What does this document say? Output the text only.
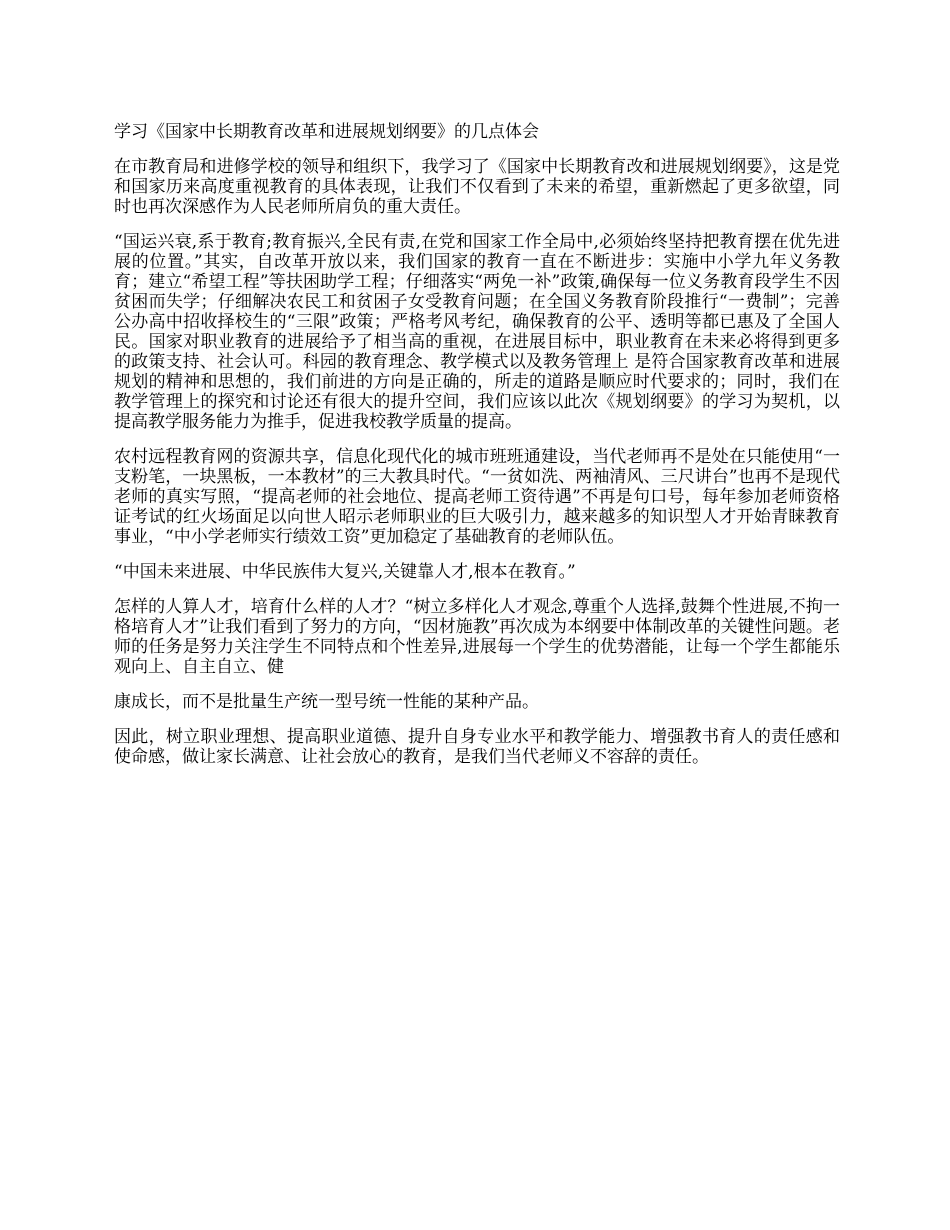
学习《国家中长期教育改革和进展规划纲要》的几点体会

在市教育局和进修学校的领导和组织下，我学习了《国家中长期教育改和进展规划纲要》，这是党和国家历来高度重视教育的具体表现，让我们不仅看到了未来的希望，重新燃起了更多欲望，同时也再次深感作为人民老师所肩负的重大责任。

“国运兴衰,系于教育;教育振兴,全民有责,在党和国家工作全局中,必须始终坚持把教育摆在优先进展的位置。”其实，自改革开放以来，我们国家的教育一直在不断进步：实施中小学九年义务教育；建立“希望工程”等扶困助学工程；仔细落实“两免一补”政策,确保每一位义务教育段学生不因贫困而失学；仔细解决农民工和贫困子女受教育问题；在全国义务教育阶段推行“一费制”；完善公办高中招收择校生的“三限”政策；严格考风考纪，确保教育的公平、透明等都已惠及了全国人民。国家对职业教育的进展给予了相当高的重视，在进展目标中，职业教育在未来必将得到更多的政策支持、社会认可。科园的教育理念、教学模式以及教务管理上 是符合国家教育改革和进展规划的精神和思想的，我们前进的方向是正确的，所走的道路是顺应时代要求的；同时，我们在教学管理上的探究和讨论还有很大的提升空间，我们应该以此次《规划纲要》的学习为契机，以提高教学服务能力为推手，促进我校教学质量的提高。

农村远程教育网的资源共享，信息化现代化的城市班班通建设，当代老师再不是处在只能使用“一支粉笔，一块黑板，一本教材”的三大教具时代。“一贫如洗、两袖清风、三尺讲台”也再不是现代老师的真实写照，“提高老师的社会地位、提高老师工资待遇”不再是句口号，每年参加老师资格证考试的红火场面足以向世人昭示老师职业的巨大吸引力，越来越多的知识型人才开始青睐教育事业，“中小学老师实行绩效工资”更加稳定了基础教育的老师队伍。

“中国未来进展、中华民族伟大复兴,关键靠人才,根本在教育。”

怎样的人算人才，培育什么样的人才？“树立多样化人才观念,尊重个人选择,鼓舞个性进展,不拘一格培育人才”让我们看到了努力的方向，“因材施教”再次成为本纲要中体制改革的关键性问题。老师的任务是努力关注学生不同特点和个性差异,进展每一个学生的优势潜能，让每一个学生都能乐观向上、自主自立、健

康成长，而不是批量生产统一型号统一性能的某种产品。

因此，树立职业理想、提高职业道德、提升自身专业水平和教学能力、增强教书育人的责任感和使命感，做让家长满意、让社会放心的教育，是我们当代老师义不容辞的责任。
